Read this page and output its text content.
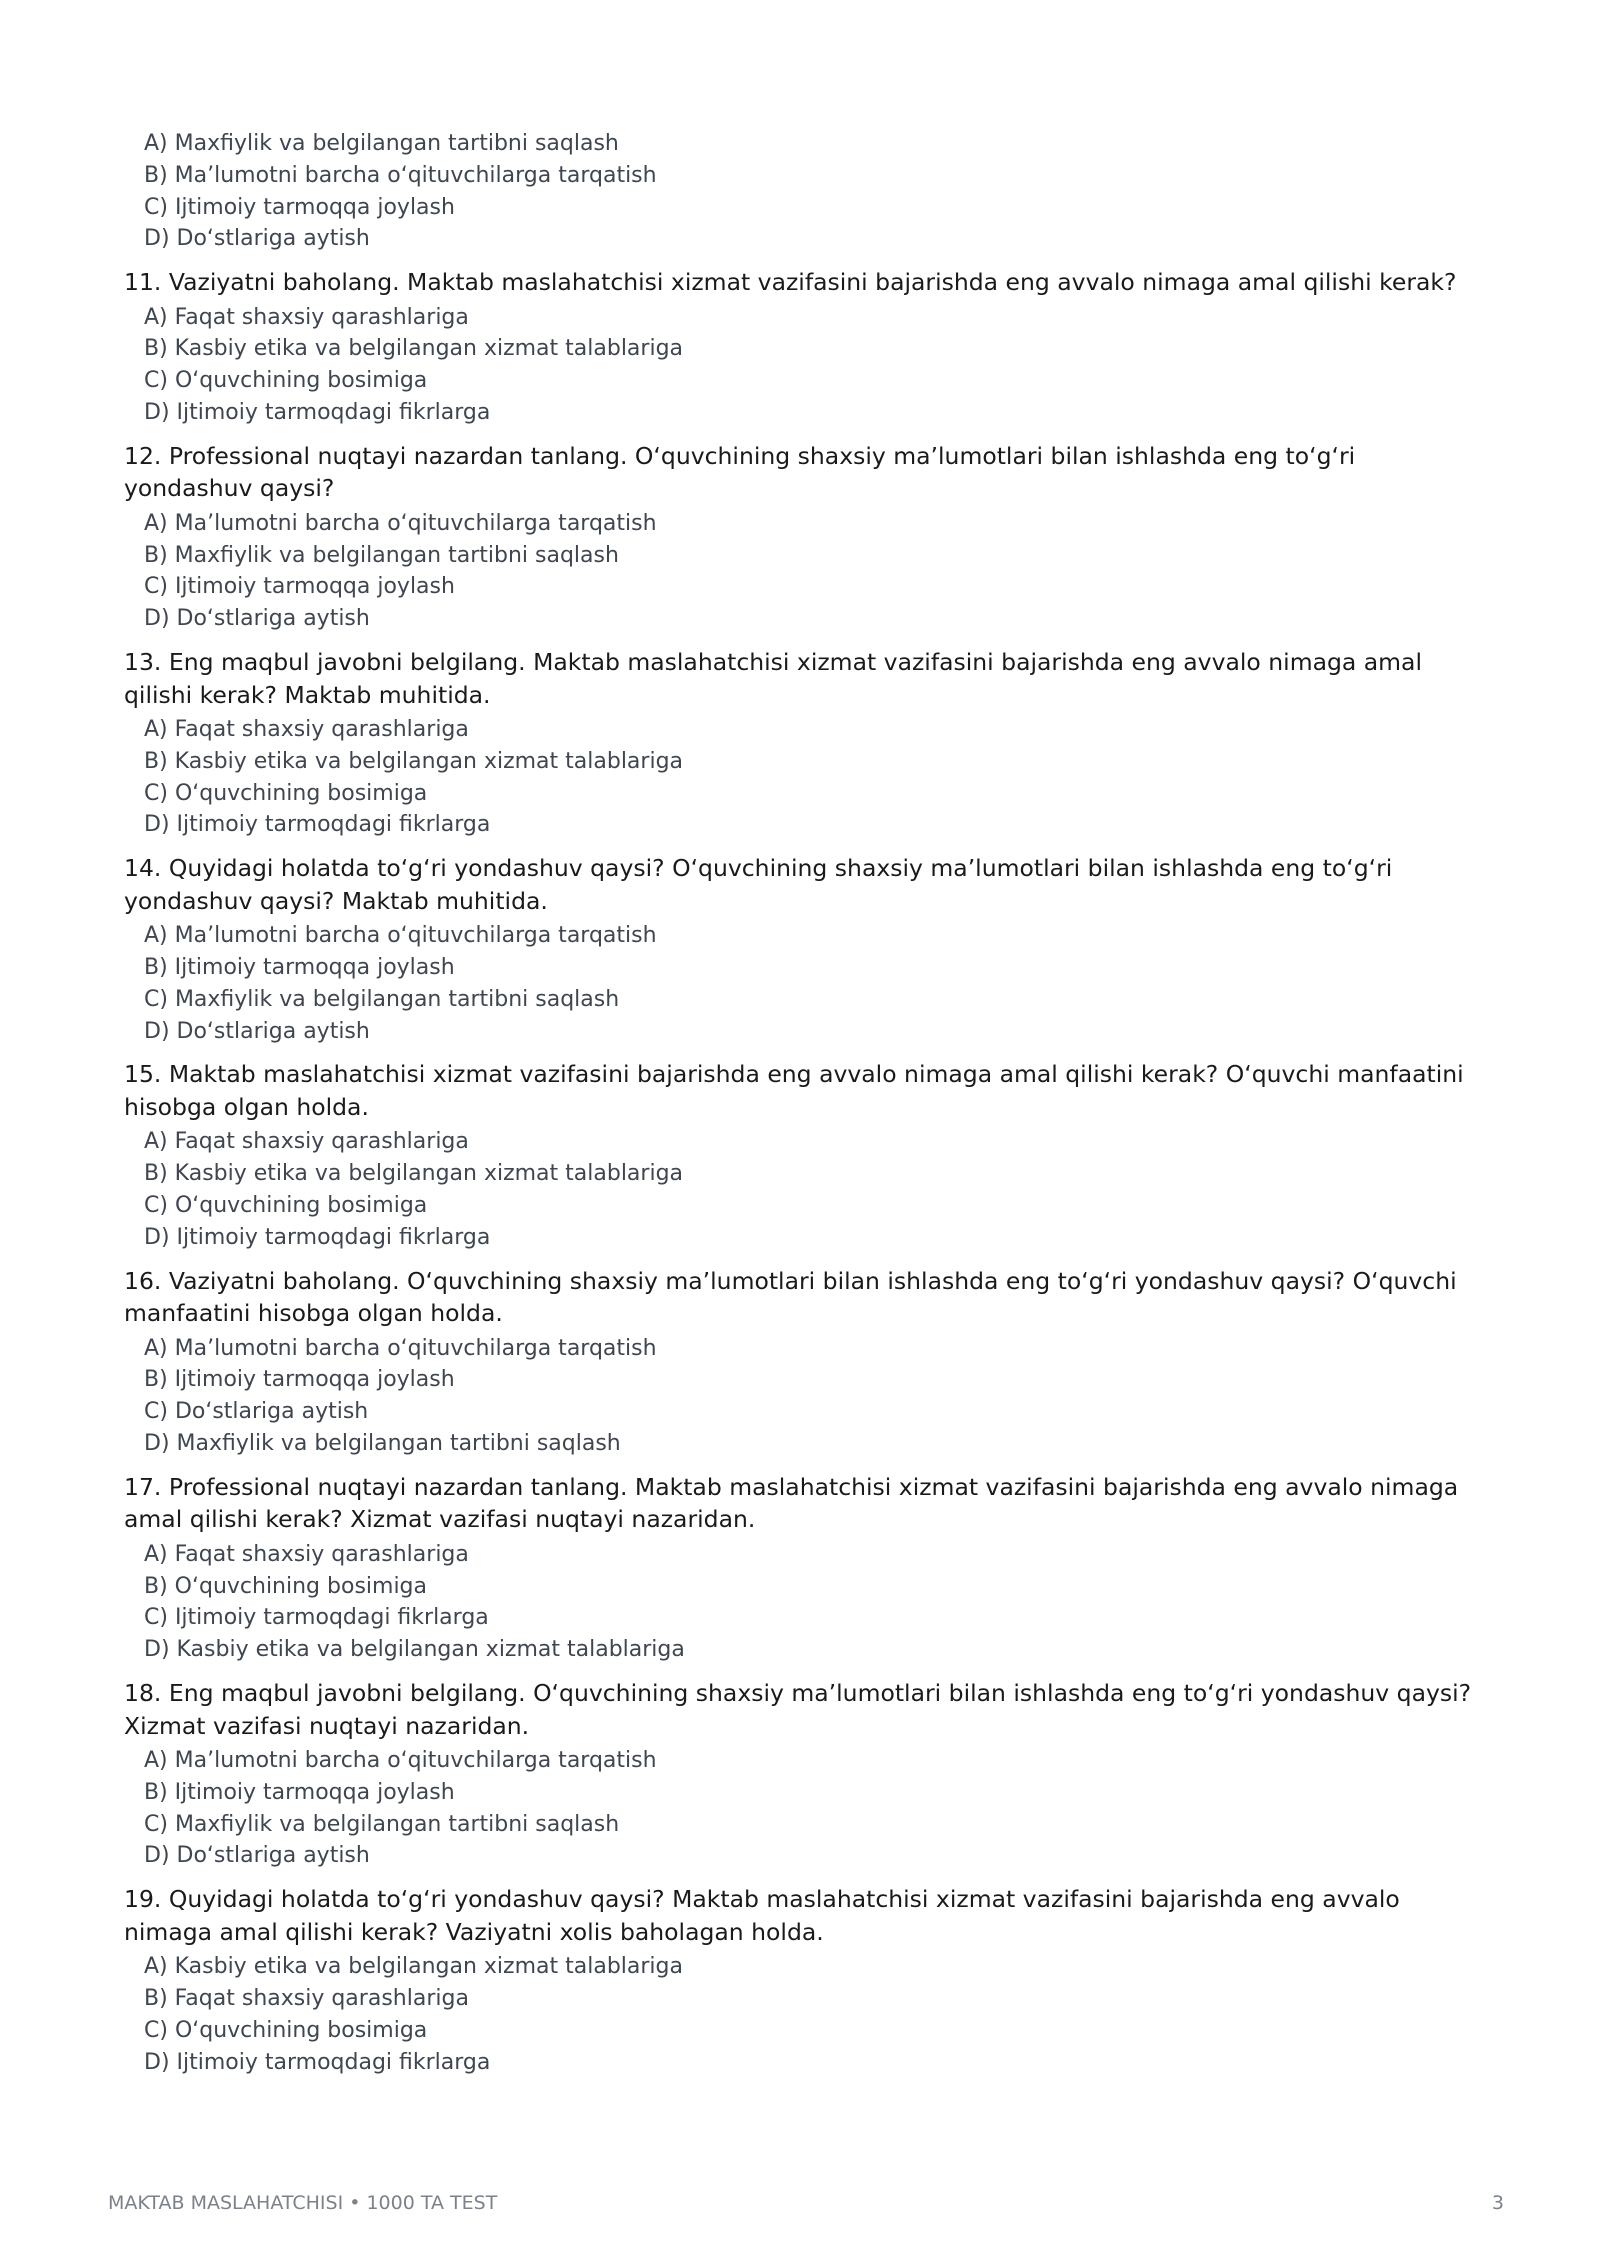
A) Maxfiylik va belgilangan tartibni saqlash
B) Ma’lumotni barcha o‘qituvchilarga tarqatish
C) Ijtimoiy tarmoqqa joylash
D) Do‘stlariga aytish

11. Vaziyatni baholang. Maktab maslahatchisi xizmat vazifasini bajarishda eng avvalo nimaga amal qilishi kerak?

A) Faqat shaxsiy qarashlariga
B) Kasbiy etika va belgilangan xizmat talablariga
C) O‘quvchining bosimiga
D) Ijtimoiy tarmoqdagi fikrlarga

12. Professional nuqtayi nazardan tanlang. O‘quvchining shaxsiy ma’lumotlari bilan ishlashda eng to‘g‘ri yondashuv qaysi?

A) Ma’lumotni barcha o‘qituvchilarga tarqatish
B) Maxfiylik va belgilangan tartibni saqlash
C) Ijtimoiy tarmoqqa joylash
D) Do‘stlariga aytish

13. Eng maqbul javobni belgilang. Maktab maslahatchisi xizmat vazifasini bajarishda eng avvalo nimaga amal qilishi kerak? Maktab muhitida.

A) Faqat shaxsiy qarashlariga
B) Kasbiy etika va belgilangan xizmat talablariga
C) O‘quvchining bosimiga
D) Ijtimoiy tarmoqdagi fikrlarga

14. Quyidagi holatda to‘g‘ri yondashuv qaysi? O‘quvchining shaxsiy ma’lumotlari bilan ishlashda eng to‘g‘ri yondashuv qaysi? Maktab muhitida.

A) Ma’lumotni barcha o‘qituvchilarga tarqatish
B) Ijtimoiy tarmoqqa joylash
C) Maxfiylik va belgilangan tartibni saqlash
D) Do‘stlariga aytish

15. Maktab maslahatchisi xizmat vazifasini bajarishda eng avvalo nimaga amal qilishi kerak? O‘quvchi manfaatini hisobga olgan holda.

A) Faqat shaxsiy qarashlariga
B) Kasbiy etika va belgilangan xizmat talablariga
C) O‘quvchining bosimiga
D) Ijtimoiy tarmoqdagi fikrlarga

16. Vaziyatni baholang. O‘quvchining shaxsiy ma’lumotlari bilan ishlashda eng to‘g‘ri yondashuv qaysi? O‘quvchi manfaatini hisobga olgan holda.

A) Ma’lumotni barcha o‘qituvchilarga tarqatish
B) Ijtimoiy tarmoqqa joylash
C) Do‘stlariga aytish
D) Maxfiylik va belgilangan tartibni saqlash

17. Professional nuqtayi nazardan tanlang. Maktab maslahatchisi xizmat vazifasini bajarishda eng avvalo nimaga amal qilishi kerak? Xizmat vazifasi nuqtayi nazaridan.

A) Faqat shaxsiy qarashlariga
B) O‘quvchining bosimiga
C) Ijtimoiy tarmoqdagi fikrlarga
D) Kasbiy etika va belgilangan xizmat talablariga

18. Eng maqbul javobni belgilang. O‘quvchining shaxsiy ma’lumotlari bilan ishlashda eng to‘g‘ri yondashuv qaysi? Xizmat vazifasi nuqtayi nazaridan.

A) Ma’lumotni barcha o‘qituvchilarga tarqatish
B) Ijtimoiy tarmoqqa joylash
C) Maxfiylik va belgilangan tartibni saqlash
D) Do‘stlariga aytish

19. Quyidagi holatda to‘g‘ri yondashuv qaysi? Maktab maslahatchisi xizmat vazifasini bajarishda eng avvalo nimaga amal qilishi kerak? Vaziyatni xolis baholagan holda.

A) Kasbiy etika va belgilangan xizmat talablariga
B) Faqat shaxsiy qarashlariga
C) O‘quvchining bosimiga
D) Ijtimoiy tarmoqdagi fikrlarga
MAKTAB MASLAHATCHISI • 1000 TA TEST	3
